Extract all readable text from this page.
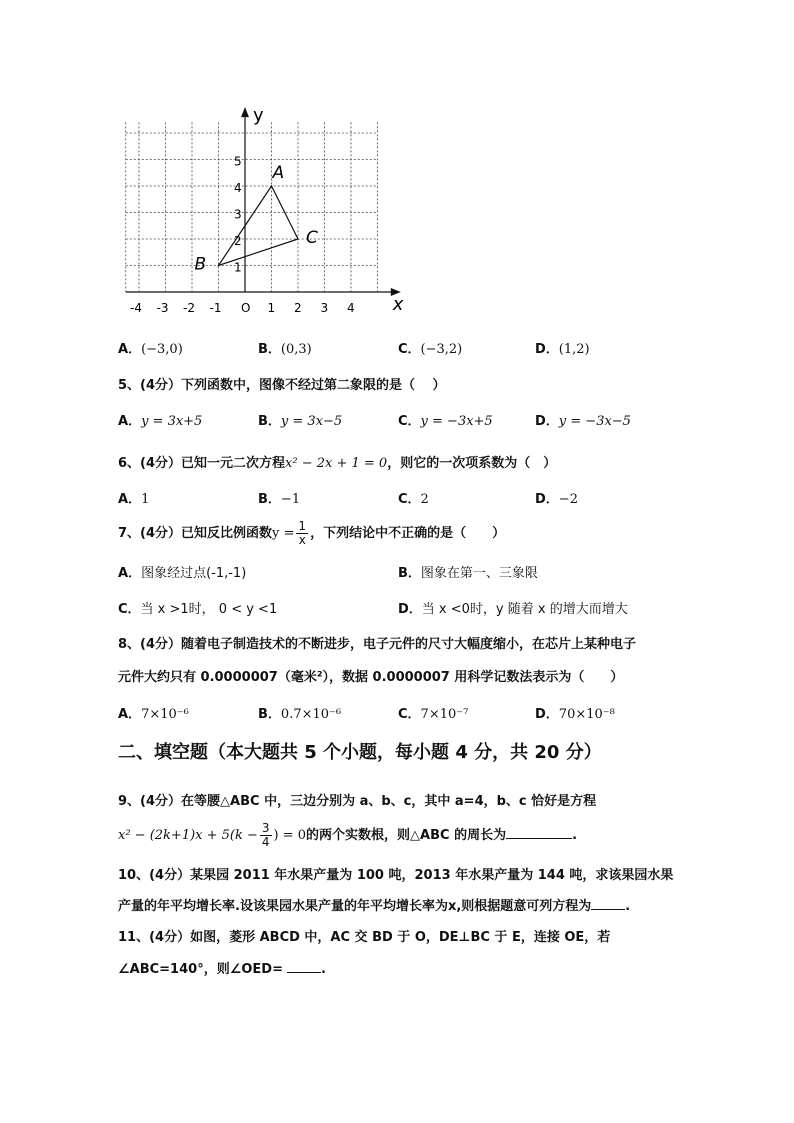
x
y
-4 -3 -2 -1 O 1 2 3 4
1
2
3
4
5
A
B
C
A．(−3,0)	B．(0,3)	C．(−3,2)	D．(1,2)
5、(4分）下列函数中，图像不经过第二象限的是（　 ）
A．y = 3x+5	B．y = 3x−5	C．y = −3x+5	D．y = −3x−5
6、(4分）已知一元二次方程x² − 2x + 1 = 0，则它的一次项系数为（　）
A．1	B．−1	C．2	D．−2
7、(4分）已知反比例函数$y = \frac{1}{x}$ ，下列结论中不正确的是（　　）
A．图象经过点(-1,-1)	B．图象在第一、三象限
C．当 x >1时， 0 < y <1	D．当 x <0时，y 随着 x 的增大而增大
8、(4分）随着电子制造技术的不断进步，电子元件的尺寸大幅度缩小，在芯片上某种电子
元件大约只有 0.0000007（毫米²），数据 0.0000007 用科学记数法表示为（　　）
A．7×10⁻⁶	B．0.7×10⁻⁶	C．7×10⁻⁷	D．70×10⁻⁸
二、填空题（本大题共 5 个小题，每小题 4 分，共 20 分）
9、(4分）在等腰△ABC 中，三边分别为 a、b、c，其中 a=4，b、c 恰好是方程
$x^2 - (2k+1)x + 5(k - \frac{3}{4}$ ) = 0的两个实数根，则△ABC 的周长为	.
10、(4分）某果园 2011 年水果产量为 100 吨，2013 年水果产量为 144 吨，求该果园水果
产量的年平均增长率.设该果园水果产量的年平均增长率为x,则根据题意可列方程为	.
11、(4分）如图，菱形 ABCD 中，AC 交 BD 于 O，DE⊥BC 于 E，连接 OE，若
∠ABC=140°，则∠OED=	.
